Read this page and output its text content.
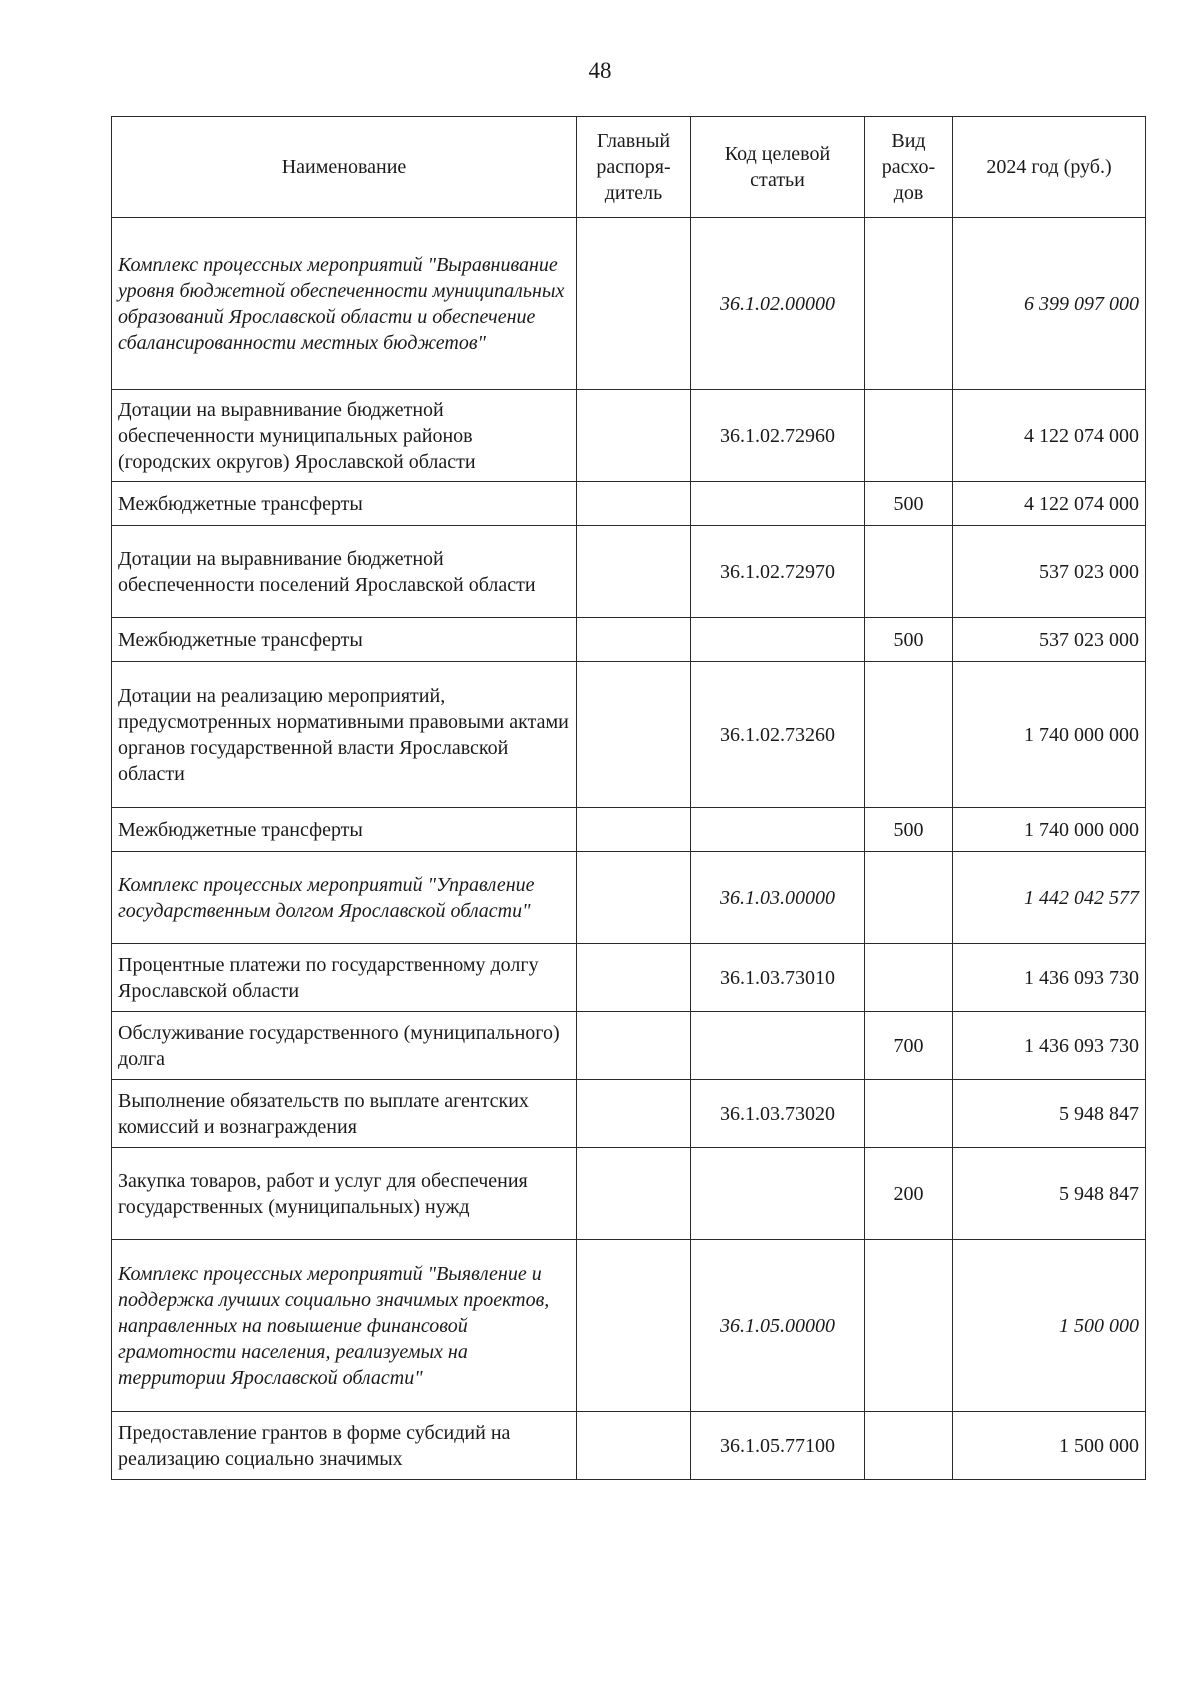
48
Наименование	Главный распоря-дитель	Код целевой статьи	Вид расхо-дов	2024 год (руб.)
Комплекс процессных мероприятий "Выравнивание уровня бюджетной обеспеченности муниципальных образований Ярославской области и обеспечение сбалансированности местных бюджетов"		36.1.02.00000		6 399 097 000
Дотации на выравнивание бюджетной обеспеченности муниципальных районов (городских округов) Ярославской области		36.1.02.72960		4 122 074 000
Межбюджетные трансферты			500	4 122 074 000
Дотации на выравнивание бюджетной обеспеченности поселений Ярославской области		36.1.02.72970		537 023 000
Межбюджетные трансферты			500	537 023 000
Дотации на реализацию мероприятий, предусмотренных нормативными правовыми актами органов государственной власти Ярославской области		36.1.02.73260		1 740 000 000
Межбюджетные трансферты			500	1 740 000 000
Комплекс процессных мероприятий "Управление государственным долгом Ярославской области"		36.1.03.00000		1 442 042 577
Процентные платежи по государственному долгу Ярославской области		36.1.03.73010		1 436 093 730
Обслуживание государственного (муниципального) долга			700	1 436 093 730
Выполнение обязательств по выплате агентских комиссий и вознаграждения		36.1.03.73020		5 948 847
Закупка товаров, работ и услуг для обеспечения государственных (муниципальных) нужд			200	5 948 847
Комплекс процессных мероприятий "Выявление и поддержка лучших социально значимых проектов, направленных на повышение финансовой грамотности населения, реализуемых на территории Ярославской области"		36.1.05.00000		1 500 000
Предоставление грантов в форме субсидий на реализацию социально значимых		36.1.05.77100		1 500 000
